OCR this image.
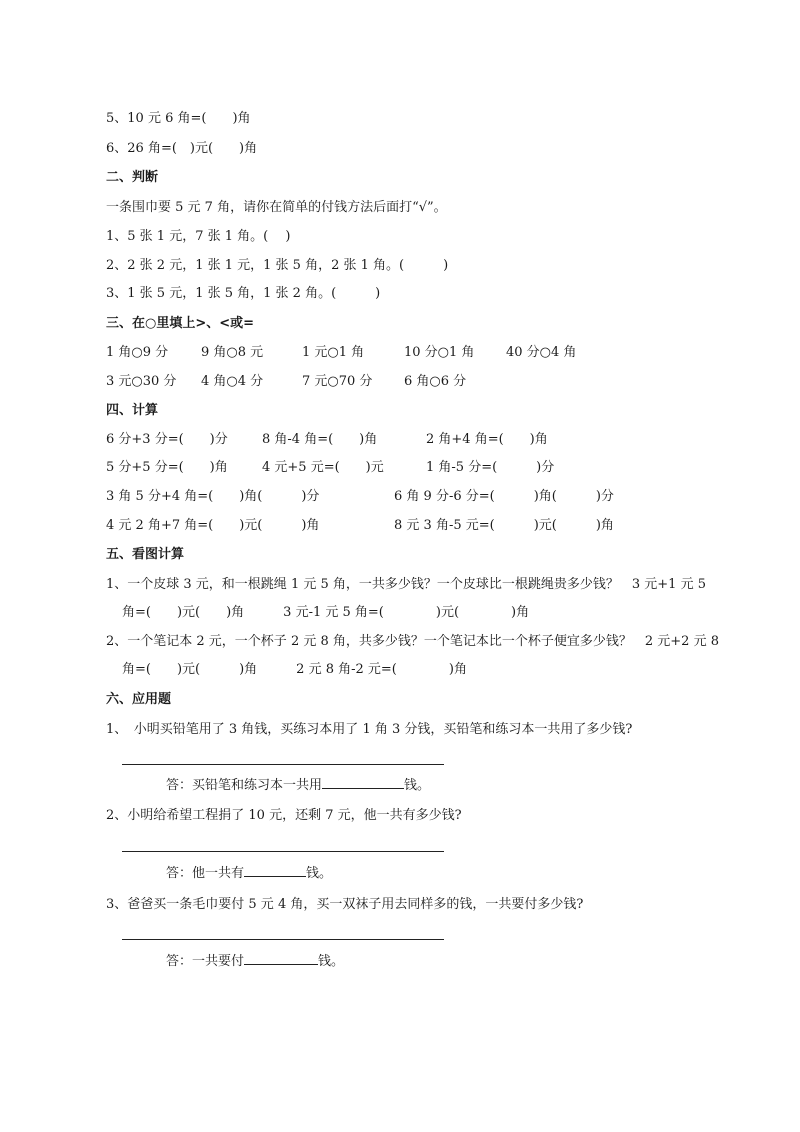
5、10 元 6 角=(　　)角
6、26 角=(　)元(　　)角
二、判断
一条围巾要 5 元 7 角，请你在简单的付钱方法后面打“√”。
1、5 张 1 元，7 张 1 角。(　 )
2、2 张 2 元，1 张 1 元，1 张 5 角，2 张 1 角。(　　　)
3、1 张 5 元，1 张 5 角，1 张 2 角。(　　　)
三、在○里填上>、<或=
1 角○9 分	9 角○8 元	1 元○1 角	10 分○1 角 40 分○4 角
3 元○30 分 4 角○4 分	7 元○70 分 6 角○6 分
四、计算
6 分+3 分=(　　)分	8 角-4 角=(　　)角	2 角+4 角=(　　)角
5 分+5 分=(　　)角	4 元+5 元=(　　)元	1 角-5 分=(　　　)分
3 角 5 分+4 角=(　　)角(　　　)分	6 角 9 分-6 分=(　　　)角(　　　)分
4 元 2 角+7 角=(　　)元(　　　)角	8 元 3 角-5 元=(　　　)元(　　　)角
五、看图计算
1、一个皮球 3 元，和一根跳绳 1 元 5 角，一共多少钱？一个皮球比一根跳绳贵多少钱？　3 元+1 元 5
角=(　　)元(　　)角　　　3 元-1 元 5 角=(　　　　)元(　　　　)角
2、一个笔记本 2 元，一个杯子 2 元 8 角，共多少钱？一个笔记本比一个杯子便宜多少钱？　2 元+2 元 8
角=(　　)元(　　　)角　　　2 元 8 角-2 元=(　　　　)角
六、应用题
1、　小明买铅笔用了 3 角钱，买练习本用了 1 角 3 分钱，买铅笔和练习本一共用了多少钱?
答：买铅笔和练习本一共用	钱。
2、小明给希望工程捐了 10 元，还剩 7 元，他一共有多少钱?
答：他一共有	钱。
3、爸爸买一条毛巾要付 5 元 4 角，买一双袜子用去同样多的钱，一共要付多少钱?
答：一共要付	钱。
